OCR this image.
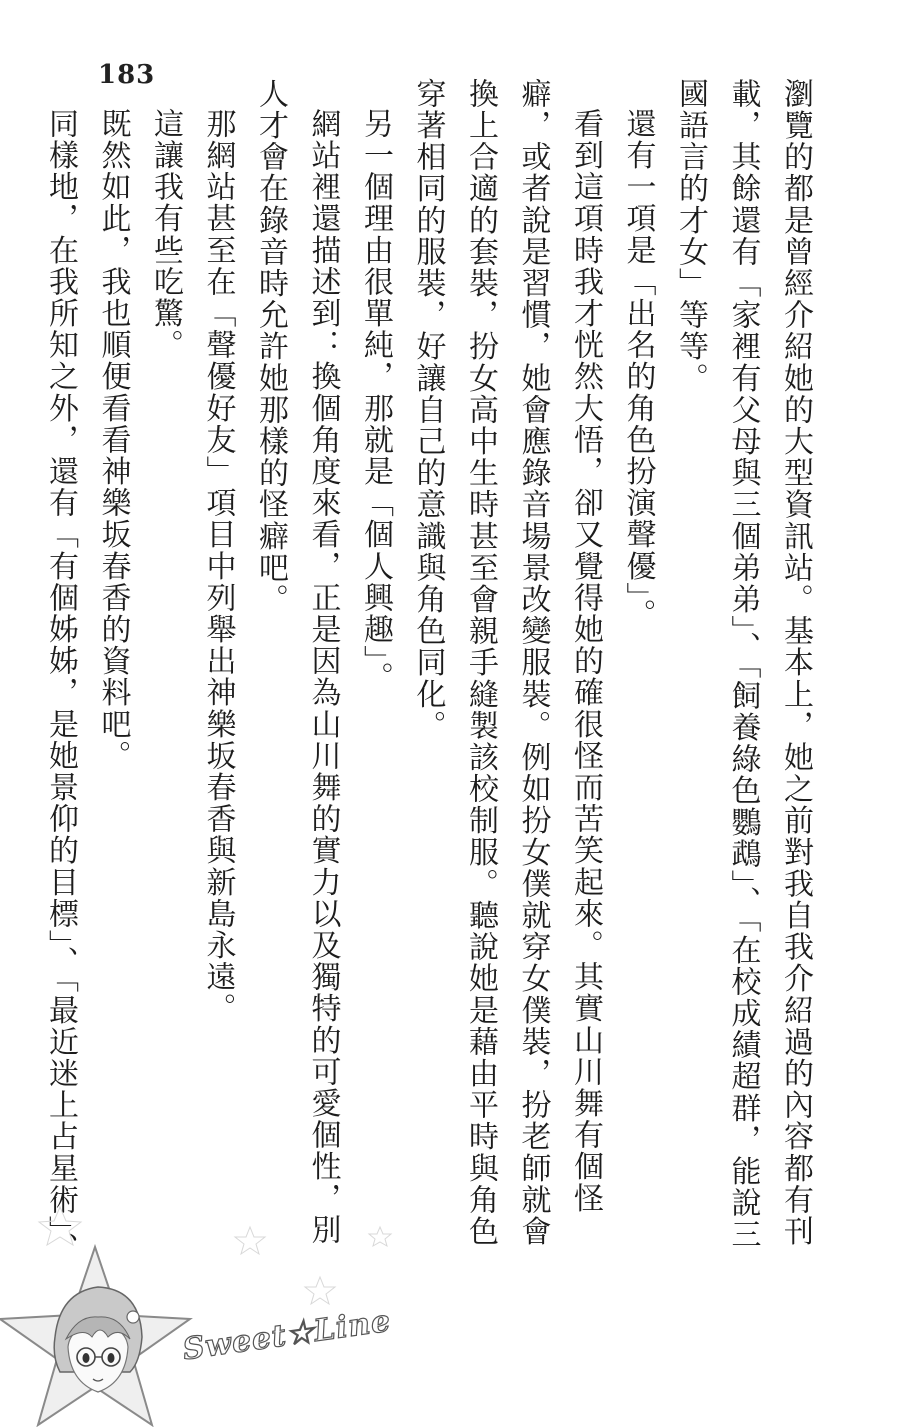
183

瀏覽的都是曾經介紹她的大型資訊站。基本上，她之前對我自我介紹過的內容都有刊載，其餘還有「家裡有父母與三個弟弟」、「飼養綠色鸚鵡」、「在校成績超群，能說三國語言的才女」等等。

還有一項是「出名的角色扮演聲優」。

看到這項時我才恍然大悟，卻又覺得她的確很怪而苦笑起來。其實山川舞有個怪癖，或者說是習慣，她會應錄音場景改變服裝。例如扮女僕就穿女僕裝，扮老師就會換上合適的套裝，扮女高中生時甚至會親手縫製該校制服。聽說她是藉由平時與角色穿著相同的服裝，好讓自己的意識與角色同化。

另一個理由很單純，那就是「個人興趣」。

網站裡還描述到：換個角度來看，正是因為山川舞的實力以及獨特的可愛個性，別人才會在錄音時允許她那樣的怪癖吧。

那網站甚至在「聲優好友」項目中列舉出神樂坂春香與新島永遠。

這讓我有些吃驚。

既然如此，我也順便看看神樂坂春香的資料吧。

同樣地，在我所知之外，還有「有個姊姊，是她景仰的目標」、「最近迷上占星術」、

Sweet★Line
